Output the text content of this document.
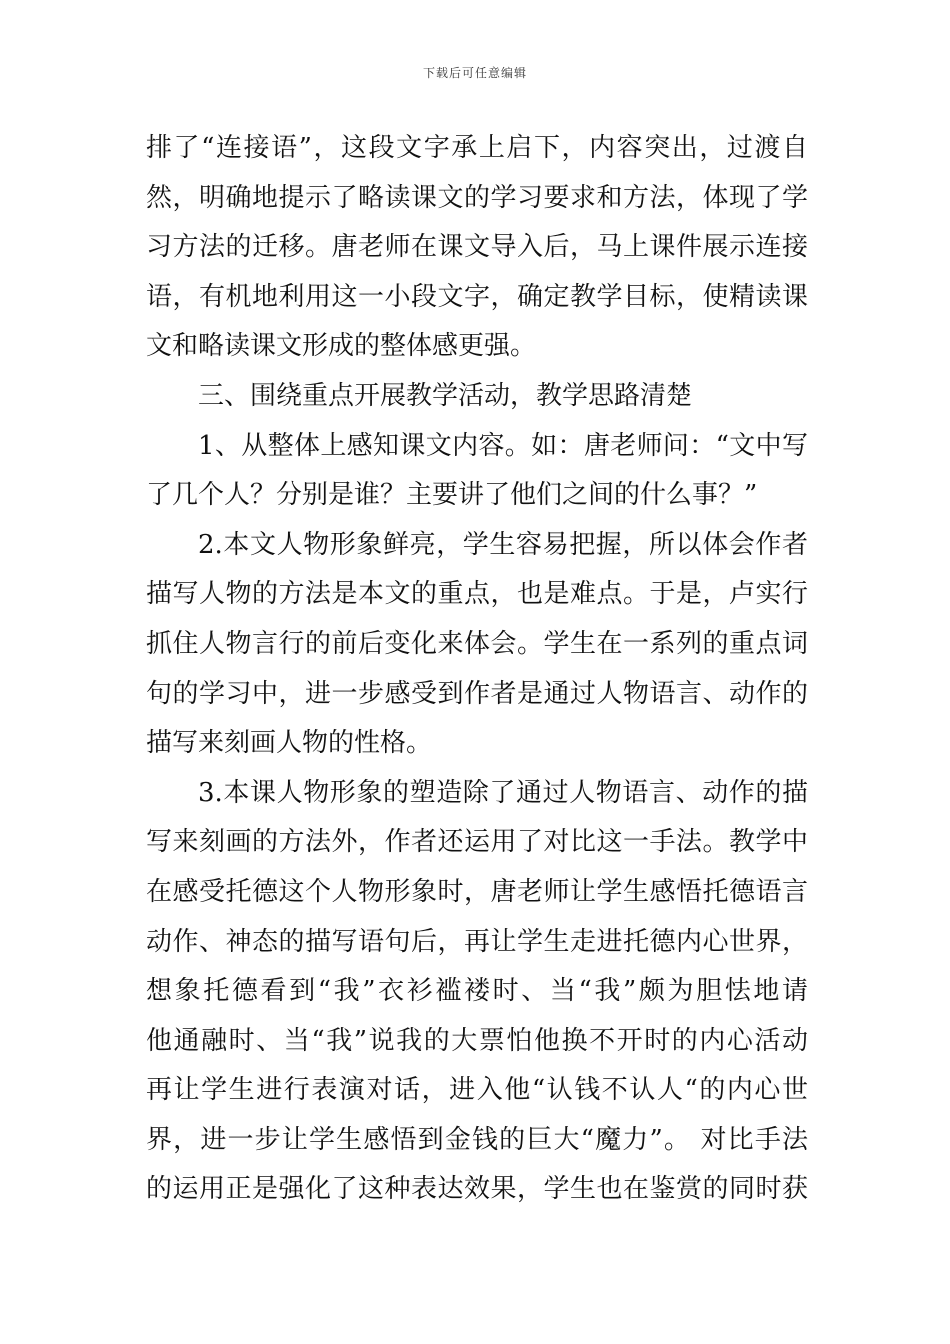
下载后可任意编辑
排了“连接语”，这段文字承上启下，内容突出，过渡自
然，明确地提示了略读课文的学习要求和方法，体现了学
习方法的迁移。唐老师在课文导入后，马上课件展示连接
语，有机地利用这一小段文字，确定教学目标，使精读课
文和略读课文形成的整体感更强。
三、围绕重点开展教学活动，教学思路清楚
1、从整体上感知课文内容。如：唐老师问：“文中写
了几个人？分别是谁？主要讲了他们之间的什么事？”
2.本文人物形象鲜亮，学生容易把握，所以体会作者
描写人物的方法是本文的重点，也是难点。于是，卢实行
抓住人物言行的前后变化来体会。学生在一系列的重点词
句的学习中，进一步感受到作者是通过人物语言、动作的
描写来刻画人物的性格。
3.本课人物形象的塑造除了通过人物语言、动作的描
写来刻画的方法外，作者还运用了对比这一手法。教学中
在感受托德这个人物形象时，唐老师让学生感悟托德语言
动作、神态的描写语句后，再让学生走进托德内心世界，
想象托德看到“我”衣衫褴褛时、当“我”颇为胆怯地请
他通融时、当“我”说我的大票怕他换不开时的内心活动
再让学生进行表演对话，进入他“认钱不认人“的内心世
界，进一步让学生感悟到金钱的巨大“魔力”。 对比手法
的运用正是强化了这种表达效果，学生也在鉴赏的同时获
